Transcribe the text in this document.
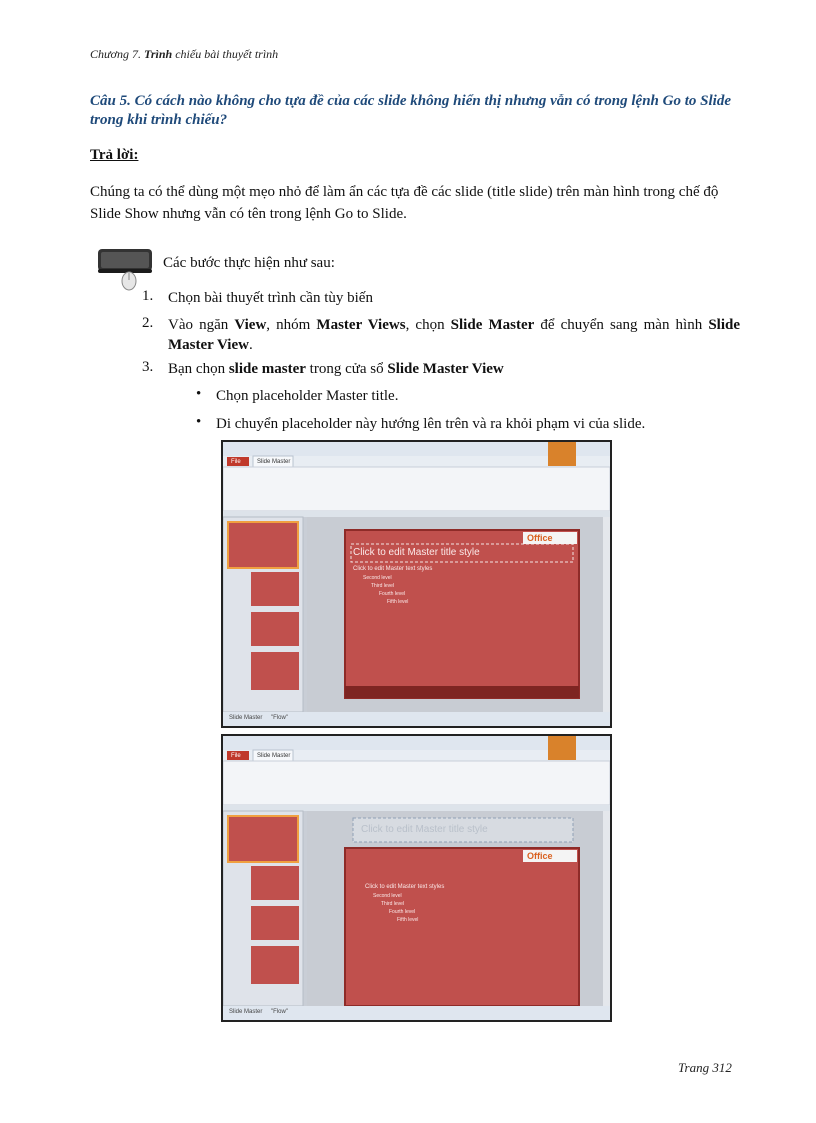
Chương 7. Trình chiếu bài thuyết trình
Câu 5. Có cách nào không cho tựa đề của các slide không hiển thị nhưng vẫn có trong lệnh Go to Slide trong khi trình chiếu?
Trả lời:
Chúng ta có thể dùng một mẹo nhỏ để làm ẩn các tựa đề các slide (title slide) trên màn hình trong chế độ Slide Show nhưng vẫn có tên trong lệnh Go to Slide.
Các bước thực hiện như sau:
1. Chọn bài thuyết trình cần tùy biến
2. Vào ngăn View, nhóm Master Views, chọn Slide Master để chuyển sang màn hình Slide Master View.
3. Bạn chọn slide master trong cửa sổ Slide Master View
• Chọn placeholder Master title.
• Di chuyển placeholder này hướng lên trên và ra khỏi phạm vi của slide.
File	Slide Master
Click to edit Master title style
Office
Click to edit Master text styles
Second level
Third level
Fourth level
Fifth level
Slide Master "Flow"
File	Slide Master
Click to edit Master title style
Office
Click to edit Master text styles
Second level
Third level
Fourth level
Fifth level
Slide Master "Flow"
Trang 312
